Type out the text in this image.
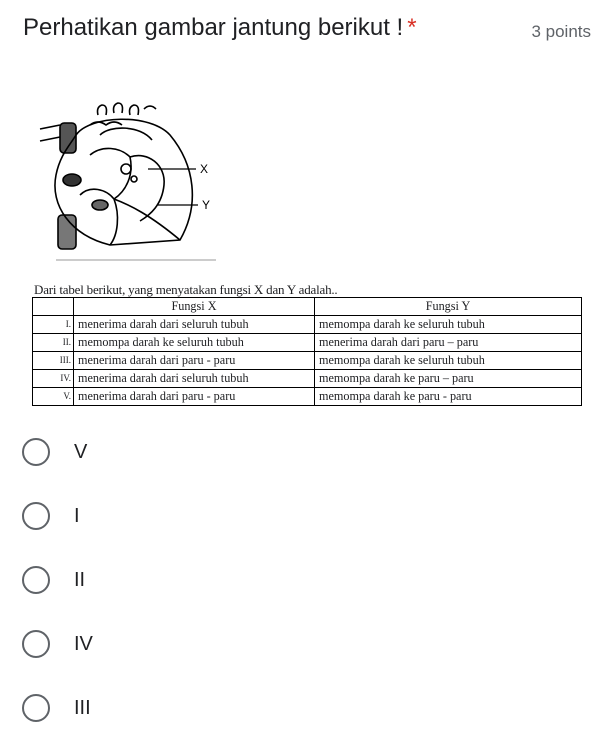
Perhatikan gambar jantung berikut ! *	3 points
X
Y
Dari tabel berikut, yang menyatakan fungsi X dan Y adalah..
	Fungsi X	Fungsi Y
I.	menerima darah dari seluruh tubuh	memompa darah ke seluruh tubuh
II.	memompa darah ke seluruh tubuh	menerima darah dari paru – paru
III.	menerima darah dari paru - paru	memompa darah ke seluruh tubuh
IV.	menerima darah dari seluruh tubuh	memompa darah ke paru – paru
V.	menerima darah dari paru - paru	memompa darah ke paru - paru
V
I
II
IV
III
